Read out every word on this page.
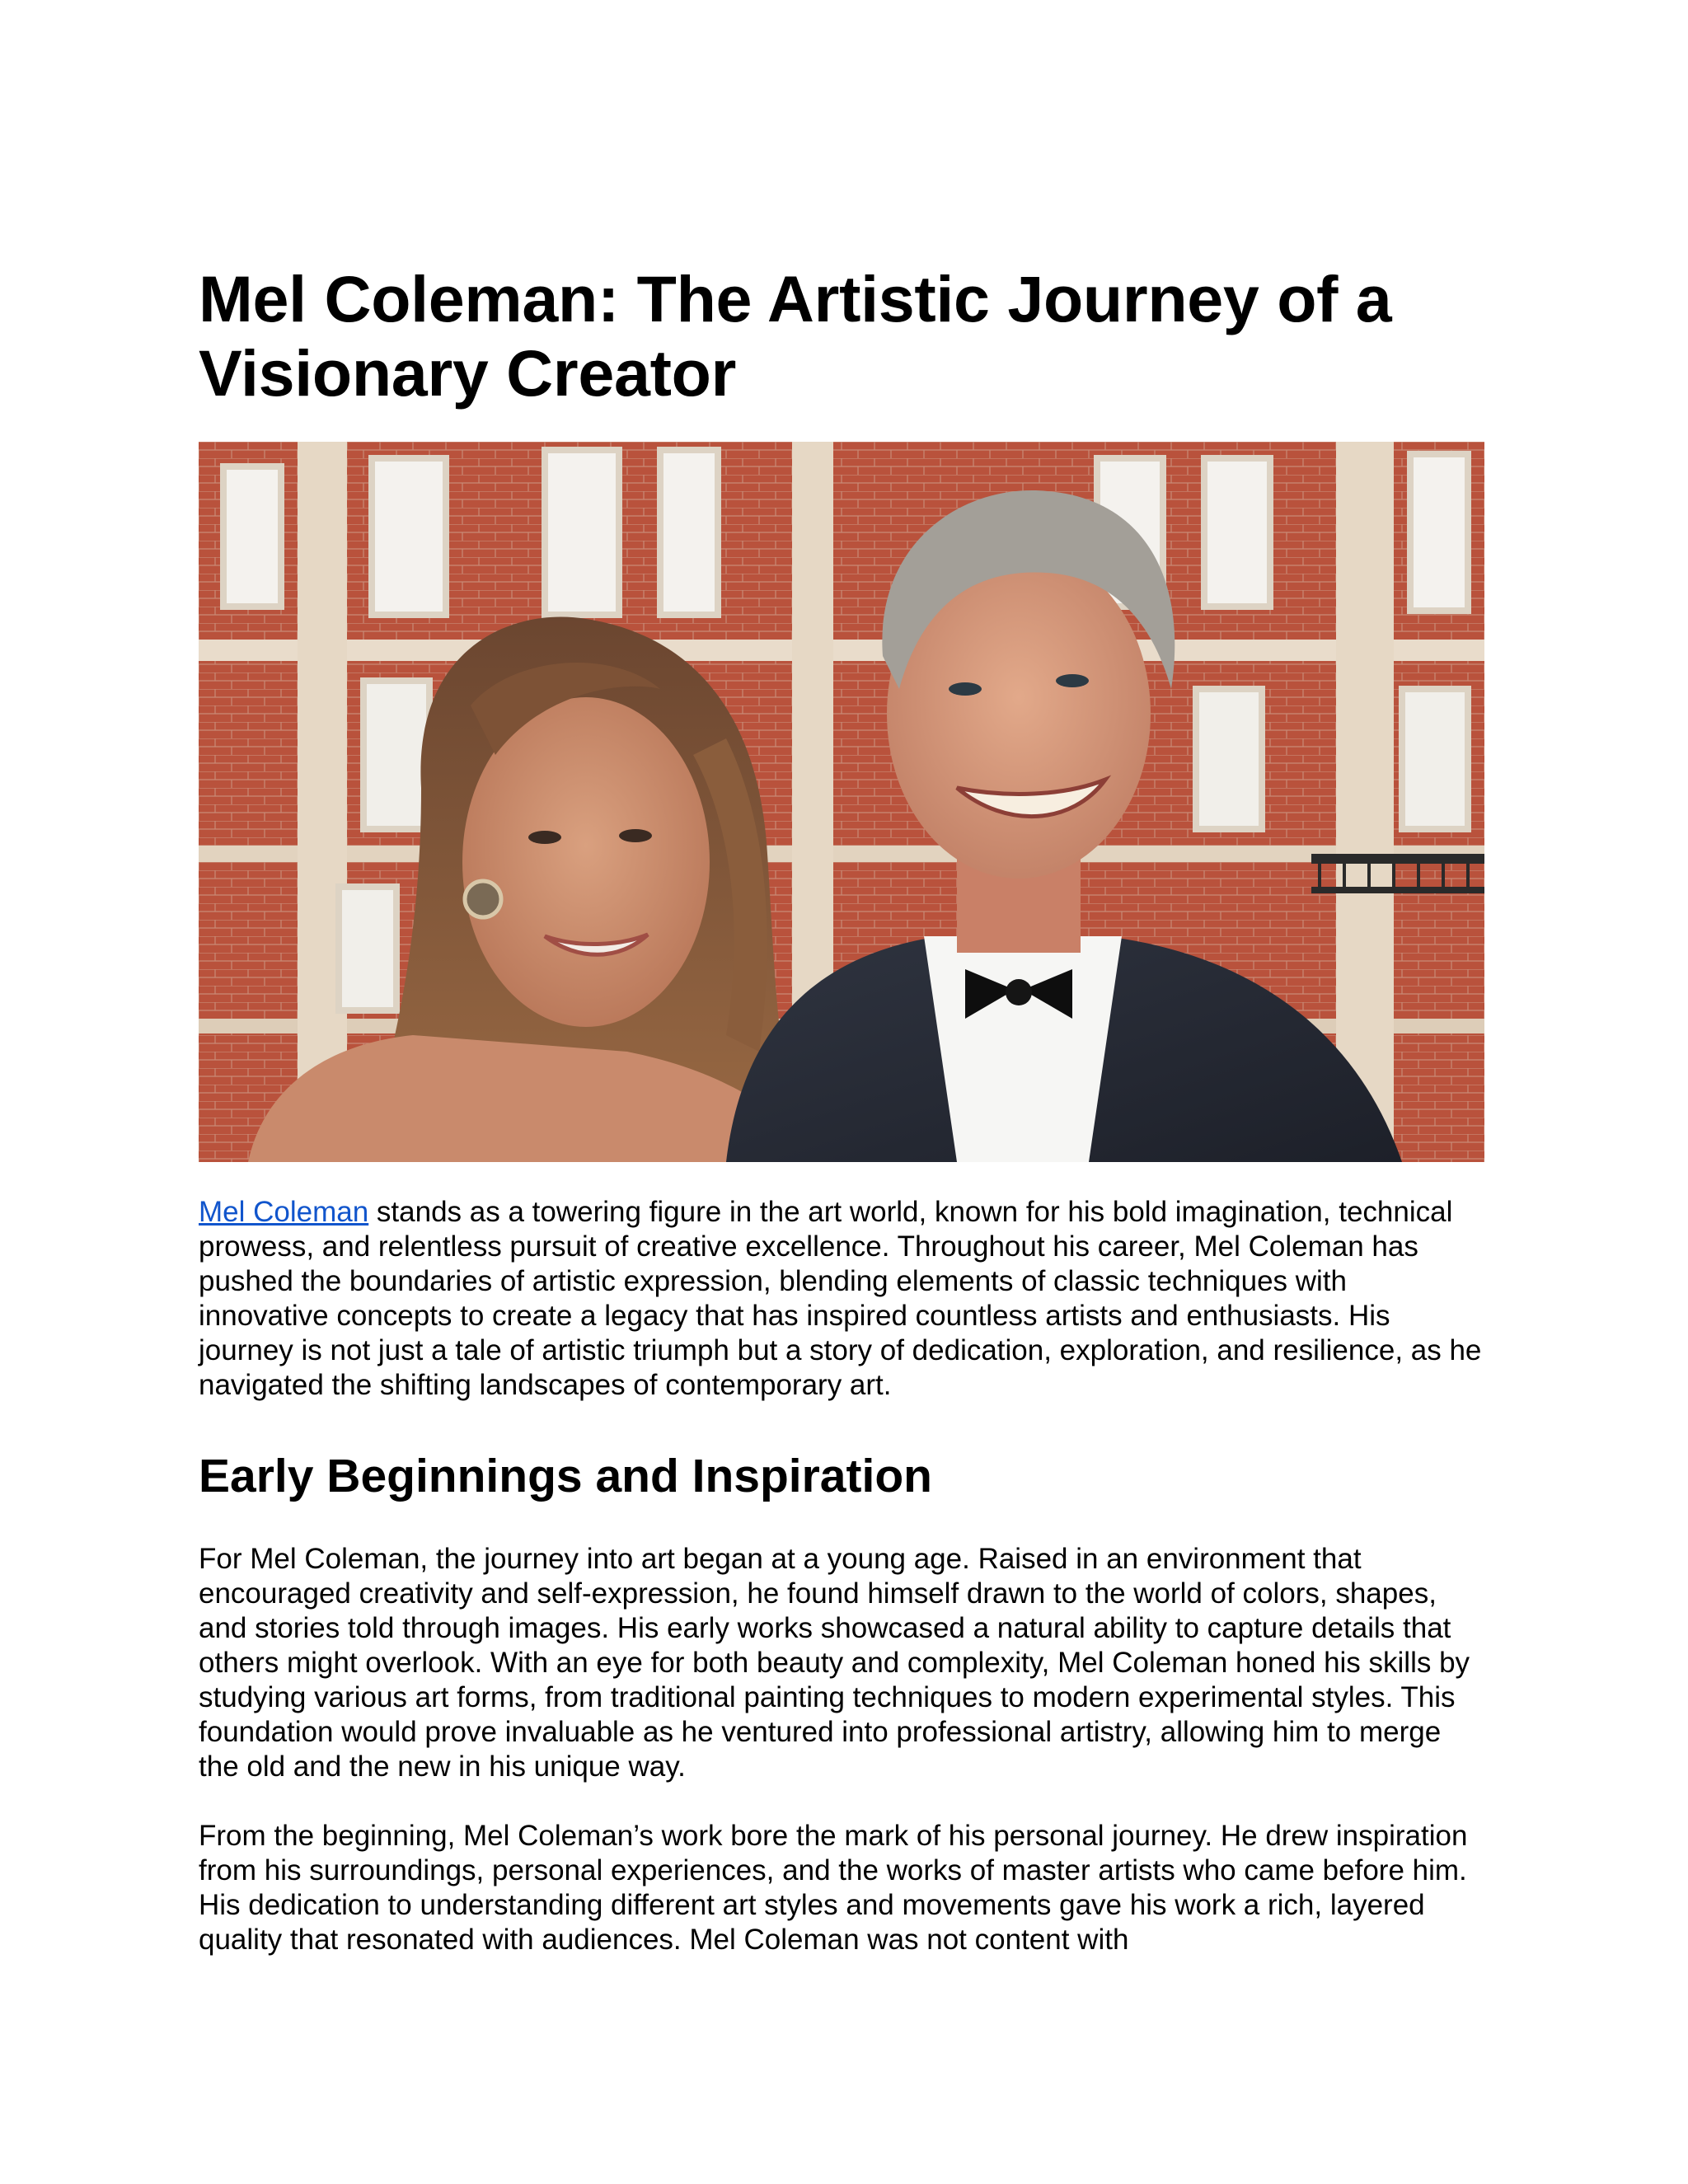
Mel Coleman: The Artistic Journey of a Visionary Creator

Mel Coleman stands as a towering figure in the art world, known for his bold imagination, technical prowess, and relentless pursuit of creative excellence. Throughout his career, Mel Coleman has pushed the boundaries of artistic expression, blending elements of classic techniques with innovative concepts to create a legacy that has inspired countless artists and enthusiasts. His journey is not just a tale of artistic triumph but a story of dedication, exploration, and resilience, as he navigated the shifting landscapes of contemporary art.

Early Beginnings and Inspiration

For Mel Coleman, the journey into art began at a young age. Raised in an environment that encouraged creativity and self-expression, he found himself drawn to the world of colors, shapes, and stories told through images. His early works showcased a natural ability to capture details that others might overlook. With an eye for both beauty and complexity, Mel Coleman honed his skills by studying various art forms, from traditional painting techniques to modern experimental styles. This foundation would prove invaluable as he ventured into professional artistry, allowing him to merge the old and the new in his unique way.

From the beginning, Mel Coleman’s work bore the mark of his personal journey. He drew inspiration from his surroundings, personal experiences, and the works of master artists who came before him. His dedication to understanding different art styles and movements gave his work a rich, layered quality that resonated with audiences. Mel Coleman was not content with
